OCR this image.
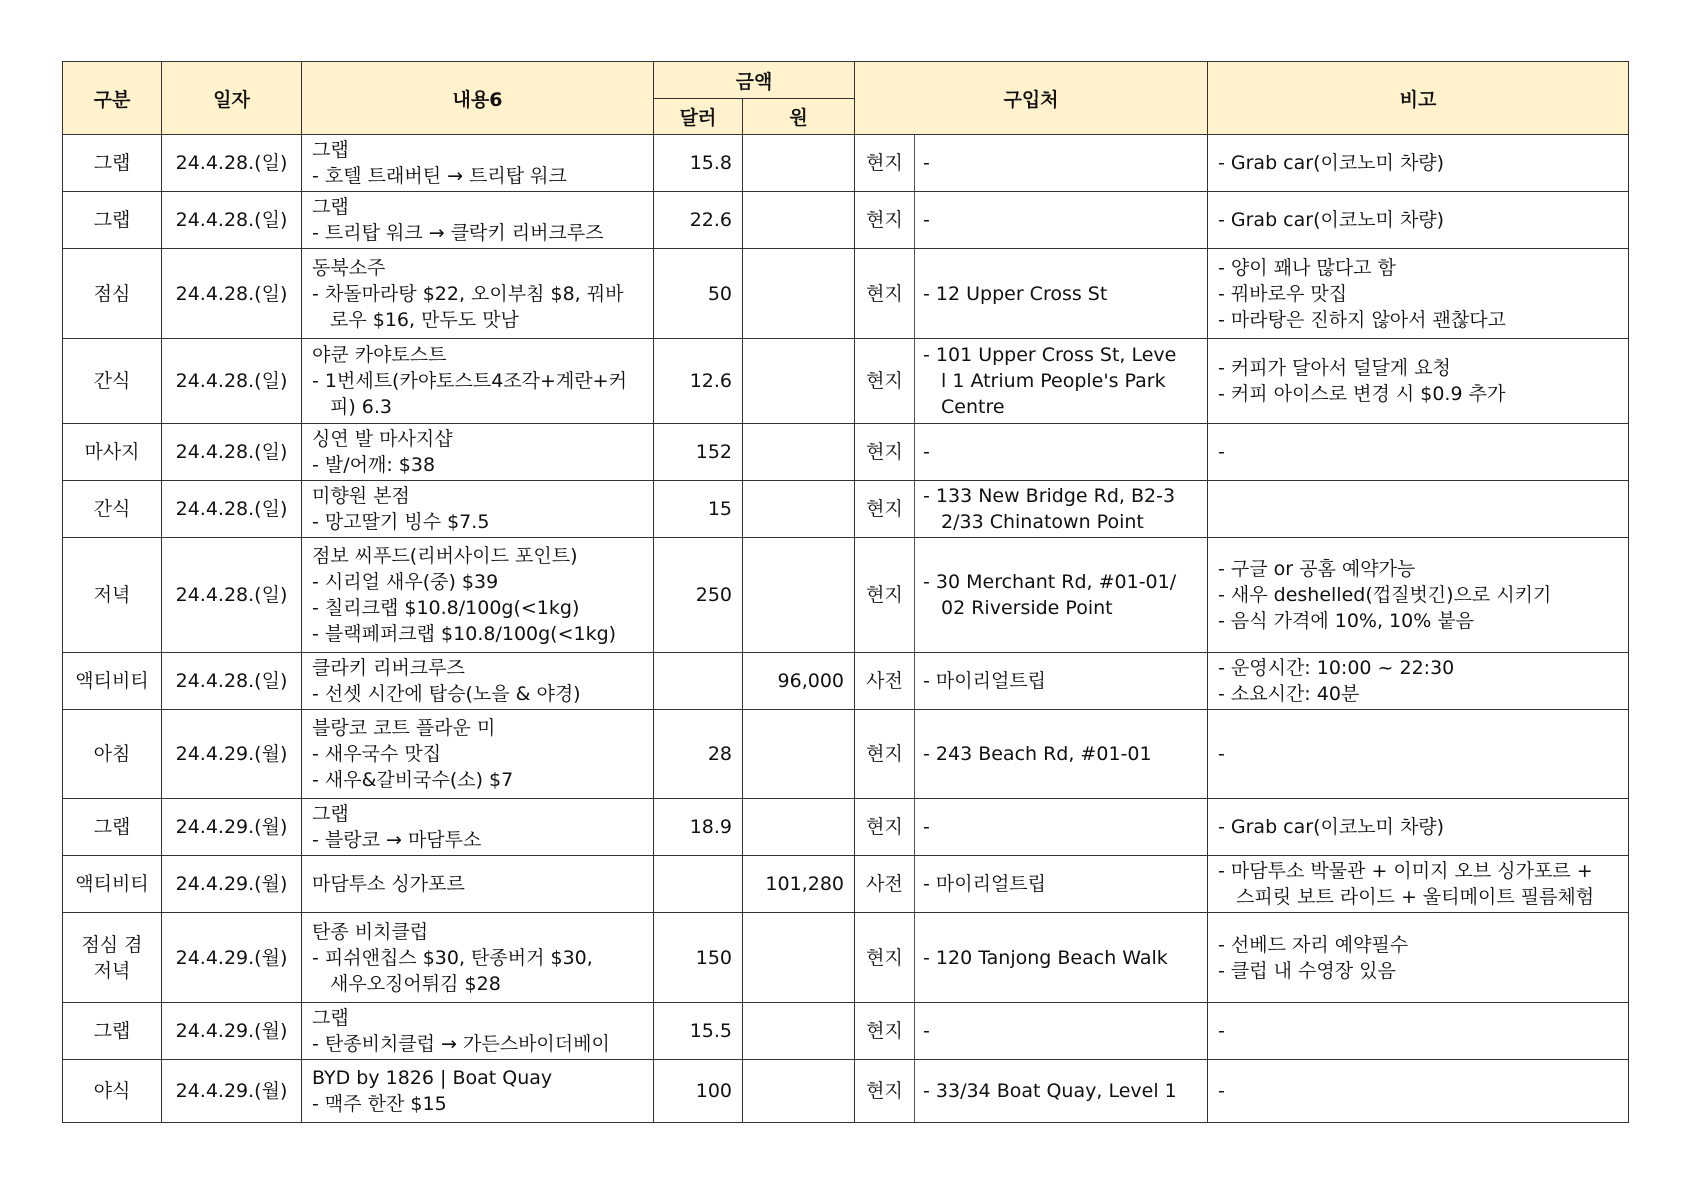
구분	일자	내용6	금액		구입처		비고
			달러	원			

그랩	24.4.28.(일)	그랩
- 호텔 트래버틴 → 트리탑 워크	15.8		현지	-	- Grab car(이코노미 차량)

그랩	24.4.28.(일)	그랩
- 트리탑 워크 → 클락키 리버크루즈	22.6		현지	-	- Grab car(이코노미 차량)

점심	24.4.28.(일)	동북소주
- 차돌마라탕 $22, 오이부침 $8, 꿔바
로우 $16, 만두도 맛남	50		현지	- 12 Upper Cross St	- 양이 꽤나 많다고 함
- 꿔바로우 맛집
- 마라탕은 진하지 않아서 괜찮다고

간식	24.4.28.(일)	야쿤 카야토스트
- 1번세트(카야토스트4조각+계란+커
피) 6.3	12.6		현지	- 101 Upper Cross St, Leve
l 1 Atrium People's Park
Centre	- 커피가 달아서 덜달게 요청
- 커피 아이스로 변경 시 $0.9 추가

마사지	24.4.28.(일)	싱연 발 마사지샵
- 발/어깨: $38	152		현지	-	-

간식	24.4.28.(일)	미향원 본점
- 망고딸기 빙수 $7.5	15		현지	- 133 New Bridge Rd, B2-3
2/33 Chinatown Point	

저녁	24.4.28.(일)	점보 씨푸드(리버사이드 포인트)
- 시리얼 새우(중) $39
- 칠리크랩 $10.8/100g(<1kg)
- 블랙페퍼크랩 $10.8/100g(<1kg)	250		현지	- 30 Merchant Rd, #01-01/
02 Riverside Point	- 구글 or 공홈 예약가능
- 새우 deshelled(껍질벗긴)으로 시키기
- 음식 가격에 10%, 10% 붙음

액티비티	24.4.28.(일)	클라키 리버크루즈
- 선셋 시간에 탑승(노을 & 야경)		96,000	사전	- 마이리얼트립	- 운영시간: 10:00 ~ 22:30
- 소요시간: 40분

아침	24.4.29.(월)	블랑코 코트 플라운 미
- 새우국수 맛집
- 새우&갈비국수(소) $7	28		현지	- 243 Beach Rd, #01-01	-

그랩	24.4.29.(월)	그랩
- 블랑코 → 마담투소	18.9		현지	-	- Grab car(이코노미 차량)

액티비티	24.4.29.(월)	마담투소 싱가포르		101,280	사전	- 마이리얼트립	- 마담투소 박물관 + 이미지 오브 싱가포르 +
스피릿 보트 라이드 + 울티메이트 필름체험

점심 겸
저녁	24.4.29.(월)	탄종 비치클럽
- 피쉬앤칩스 $30, 탄종버거 $30,
새우오징어튀김 $28	150		현지	- 120 Tanjong Beach Walk	- 선베드 자리 예약필수
- 클럽 내 수영장 있음

그랩	24.4.29.(월)	그랩
- 탄종비치클럽 → 가든스바이더베이	15.5		현지	-	-

야식	24.4.29.(월)	BYD by 1826 | Boat Quay
- 맥주 한잔 $15	100		현지	- 33/34 Boat Quay, Level 1	-
